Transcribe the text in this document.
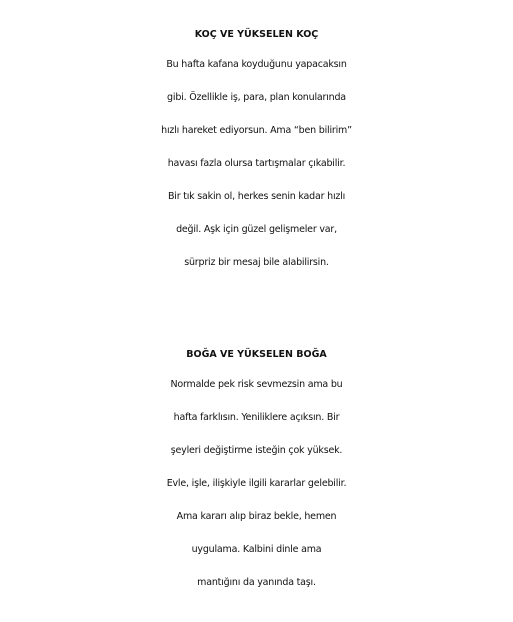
KOÇ VE YÜKSELEN KOÇ
Bu hafta kafana koyduğunu yapacaksın
gibi. Özellikle iş, para, plan konularında
hızlı hareket ediyorsun. Ama “ben bilirim”
havası fazla olursa tartışmalar çıkabilir.
Bir tık sakin ol, herkes senin kadar hızlı
değil. Aşk için güzel gelişmeler var,
sürpriz bir mesaj bile alabilirsin.
BOĞA VE YÜKSELEN BOĞA
Normalde pek risk sevmezsin ama bu
hafta farklısın. Yeniliklere açıksın. Bir
şeyleri değiştirme isteğin çok yüksek.
Evle, işle, ilişkiyle ilgili kararlar gelebilir.
Ama kararı alıp biraz bekle, hemen
uygulama. Kalbini dinle ama
mantığını da yanında taşı.
